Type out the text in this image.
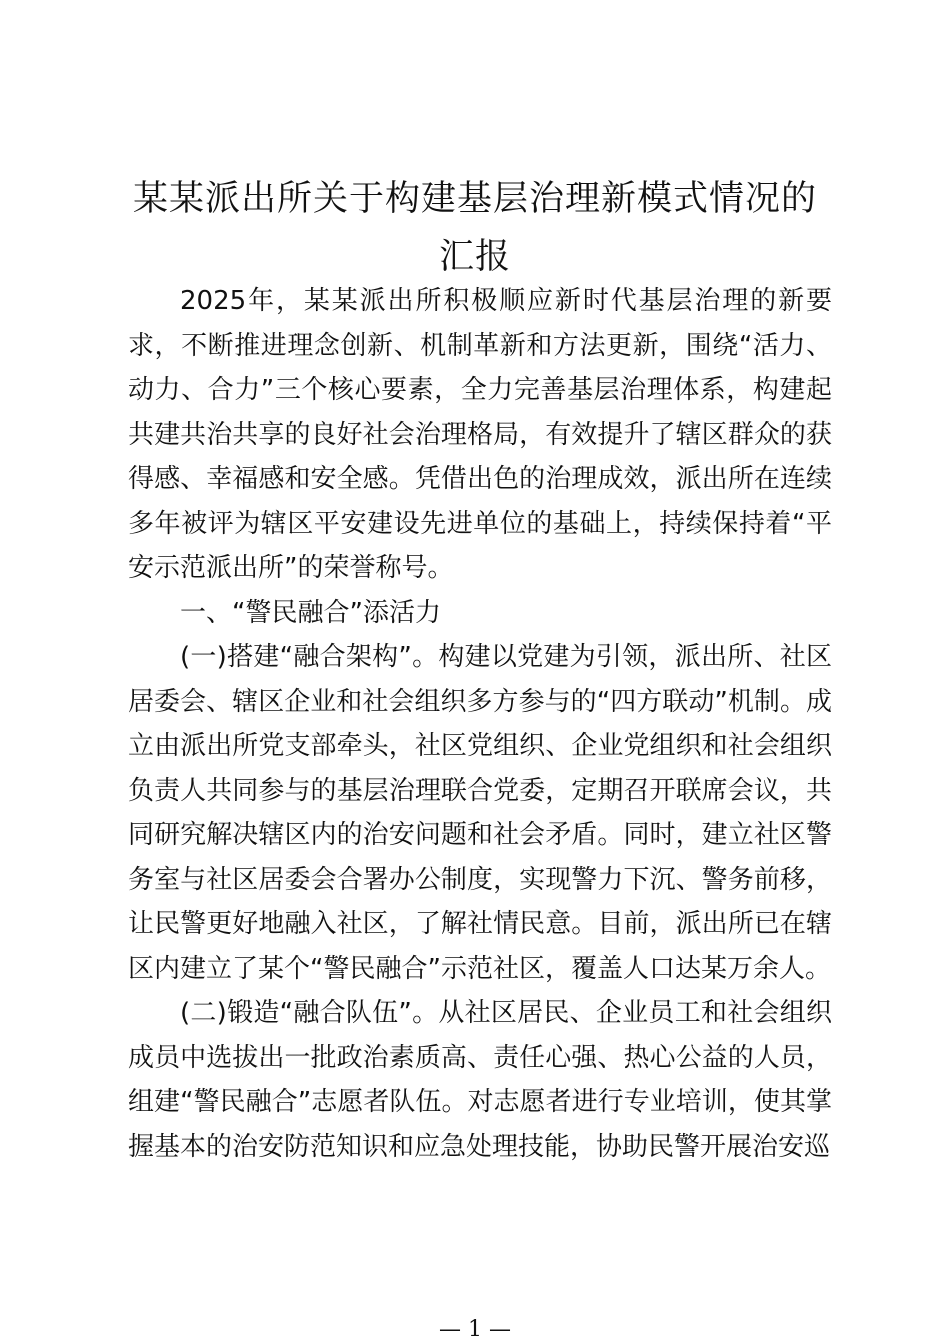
某某派出所关于构建基层治理新模式情况的汇报

2025年，某某派出所积极顺应新时代基层治理的新要求，不断推进理念创新、机制革新和方法更新，围绕“活力、动力、合力”三个核心要素，全力完善基层治理体系，构建起共建共治共享的良好社会治理格局，有效提升了辖区群众的获得感、幸福感和安全感。凭借出色的治理成效，派出所在连续多年被评为辖区平安建设先进单位的基础上，持续保持着“平安示范派出所”的荣誉称号。

一、“警民融合”添活力

(一)搭建“融合架构”。构建以党建为引领，派出所、社区居委会、辖区企业和社会组织多方参与的“四方联动”机制。成立由派出所党支部牵头，社区党组织、企业党组织和社会组织负责人共同参与的基层治理联合党委，定期召开联席会议，共同研究解决辖区内的治安问题和社会矛盾。同时，建立社区警务室与社区居委会合署办公制度，实现警力下沉、警务前移，让民警更好地融入社区，了解社情民意。目前，派出所已在辖区内建立了某个“警民融合”示范社区，覆盖人口达某万余人。

(二)锻造“融合队伍”。从社区居民、企业员工和社会组织成员中选拔出一批政治素质高、责任心强、热心公益的人员，组建“警民融合”志愿者队伍。对志愿者进行专业培训，使其掌握基本的治安防范知识和应急处理技能，协助民警开展治安巡

— 1 —
